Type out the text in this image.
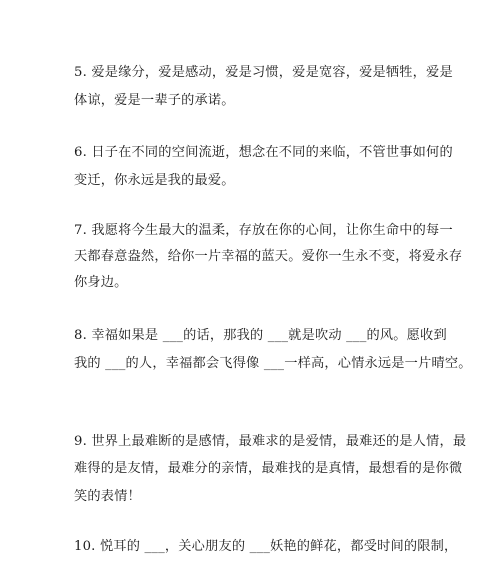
5. 爱是缘分，爱是感动，爱是习惯，爱是宽容，爱是牺牲，爱是
体谅，爱是一辈子的承诺。
6. 日子在不同的空间流逝，想念在不同的来临，不管世事如何的
变迁，你永远是我的最爱。
7. 我愿将今生最大的温柔，存放在你的心间，让你生命中的每一
天都春意盎然，给你一片幸福的蓝天。爱你一生永不变，将爱永存
你身边。
8. 幸福如果是 ___的话，那我的 ___就是吹动 ___的风。愿收到
我的 ___的人，幸福都会飞得像 ___一样高，心情永远是一片晴空。
9. 世界上最难断的是感情，最难求的是爱情，最难还的是人情，最
难得的是友情，最难分的亲情，最难找的是真情，最想看的是你微
笑的表情！
10. 悦耳的 ___，关心朋友的 ___妖艳的鲜花，都受时间的限制，
